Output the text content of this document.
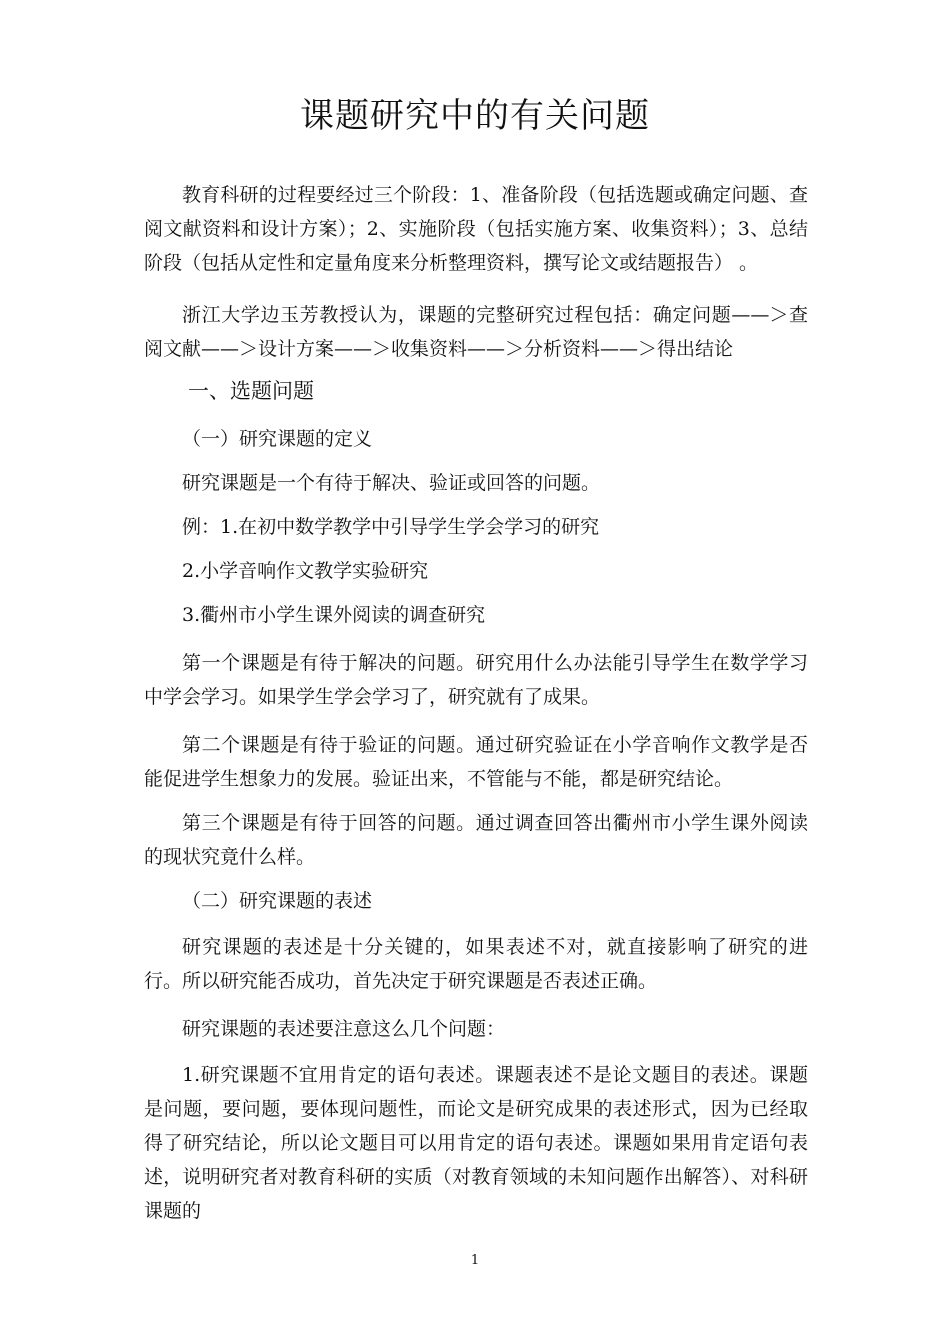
课题研究中的有关问题
教育科研的过程要经过三个阶段：1、准备阶段（包括选题或确定问题、查阅文献资料和设计方案）；2、实施阶段（包括实施方案、收集资料）；3、总结阶段（包括从定性和定量角度来分析整理资料，撰写论文或结题报告） 。
浙江大学边玉芳教授认为，课题的完整研究过程包括：确定问题——＞查阅文献——＞设计方案——＞收集资料——＞分析资料——＞得出结论
一、选题问题
（一）研究课题的定义
研究课题是一个有待于解决、验证或回答的问题。
例：1.在初中数学教学中引导学生学会学习的研究
2.小学音响作文教学实验研究
3.衢州市小学生课外阅读的调查研究
第一个课题是有待于解决的问题。研究用什么办法能引导学生在数学学习中学会学习。如果学生学会学习了，研究就有了成果。
第二个课题是有待于验证的问题。通过研究验证在小学音响作文教学是否能促进学生想象力的发展。验证出来，不管能与不能，都是研究结论。
第三个课题是有待于回答的问题。通过调查回答出衢州市小学生课外阅读的现状究竟什么样。
（二）研究课题的表述
研究课题的表述是十分关键的，如果表述不对，就直接影响了研究的进行。所以研究能否成功，首先决定于研究课题是否表述正确。
研究课题的表述要注意这么几个问题：
1.研究课题不宜用肯定的语句表述。课题表述不是论文题目的表述。课题是问题，要问题，要体现问题性，而论文是研究成果的表述形式，因为已经取得了研究结论，所以论文题目可以用肯定的语句表述。课题如果用肯定语句表述，说明研究者对教育科研的实质（对教育领域的未知问题作出解答）、对科研课题的
1
